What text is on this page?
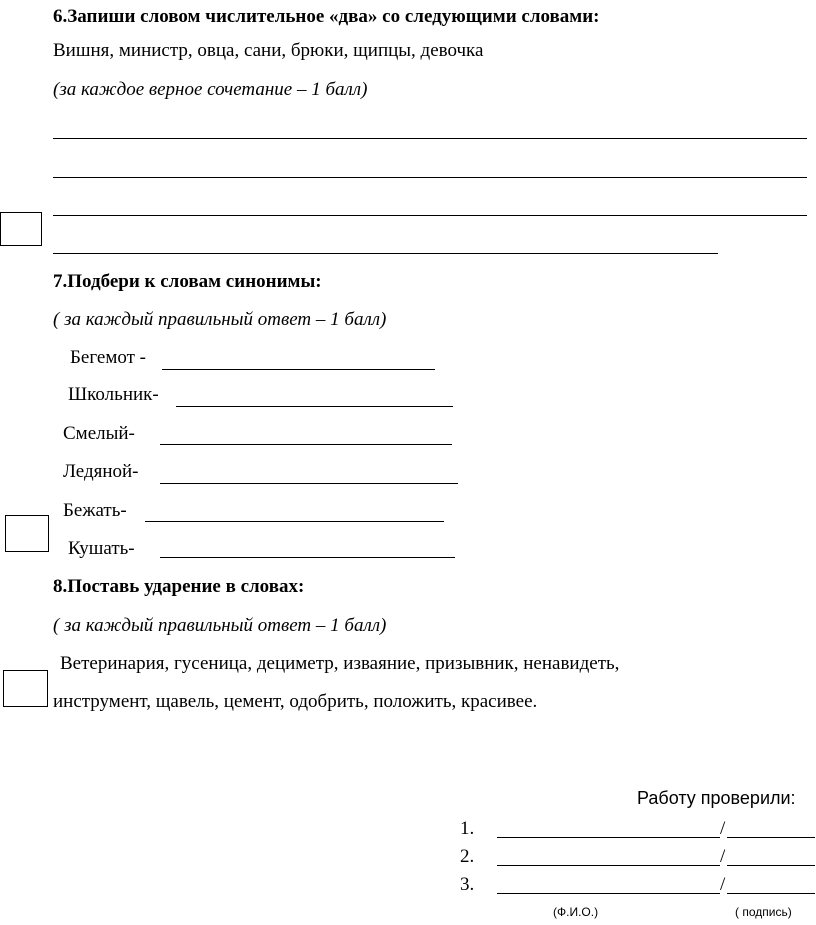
6.Запиши словом числительное «два» со следующими словами:
Вишня, министр, овца, сани, брюки, щипцы, девочка
(за каждое верное сочетание – 1 балл)
7.Подбери к словам синонимы:
( за каждый правильный ответ – 1 балл)
Бегемот -
Школьник-
Смелый-
Ледяной-
Бежать-
Кушать-
8.Поставь ударение в словах:
( за каждый правильный ответ – 1 балл)
Ветеринария, гусеница, дециметр, изваяние, призывник, ненавидеть,
инструмент, щавель, цемент, одобрить, положить, красивее.
Работу проверили:
1.	/
2.	/
3.	/
(Ф.И.О.)	( подпись)
